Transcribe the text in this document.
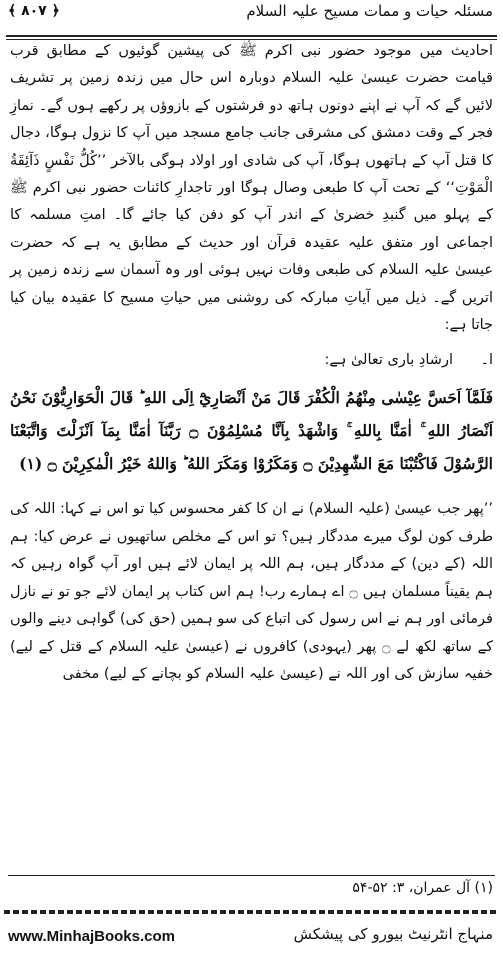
مسئلہ حیات و ممات مسیح علیہ السلام
﴿ ۸۰۷ ﴾

احادیث میں موجود حضور نبی اکرم ﷺ کی پیشین گوئیوں کے مطابق قرب قیامت حضرت عیسیٰ علیہ السلام دوبارہ اس حال میں زندہ زمین پر تشریف لائیں گے کہ آپ نے اپنے دونوں ہاتھ دو فرشتوں کے بازوؤں پر رکھے ہوں گے۔ نمازِ فجر کے وقت دمشق کی مشرقی جانب جامع مسجد میں آپ کا نزول ہوگا، دجال کا قتل آپ کے ہاتھوں ہوگا، آپ کی شادی اور اولاد ہوگی بالآخر ’’کُلُّ نَفْسٍ ذَآئِقَةُ الْمَوْتِ‘‘ کے تحت آپ کا طبعی وصال ہوگا اور تاجدارِ کائنات حضور نبی اکرم ﷺ کے پہلو میں گنبدِ خضریٰ کے اندر آپ کو دفن کیا جائے گا۔ امتِ مسلمہ کا اجماعی اور متفق علیہ عقیدہ قرآن اور حدیث کے مطابق یہ ہے کہ حضرت عیسیٰ علیہ السلام کی طبعی وفات نہیں ہوئی اور وہ آسمان سے زندہ زمین پر اتریں گے۔ ذیل میں آیاتِ مبارکہ کی روشنی میں حیاتِ مسیح کا عقیدہ بیان کیا جاتا ہے:

ا۔
ارشادِ باری تعالیٰ ہے:

فَلَمَّآ اَحَسَّ عِيْسٰى مِنْهُمُ الْكُفْرَ قَالَ مَنْ اَنْصَارِيْٓ اِلَى اللهِ ؕ قَالَ الْحَوَارِيُّوْنَ نَحْنُ اَنْصَارُ اللهِ ۚ اٰمَنَّا بِاللهِ ۚ وَاشْهَدْ بِاَنَّا مُسْلِمُوْنَ ۝ رَبَّنَآ اٰمَنَّا بِمَآ اَنْزَلْتَ وَاتَّبَعْنَا الرَّسُوْلَ فَاكْتُبْنَا مَعَ الشّٰهِدِيْنَ ۝ وَمَكَرُوْا وَمَكَرَ اللهُ ؕ وَاللهُ خَيْرُ الْمٰكِرِيْنَ ۝ (۱)

’’پھر جب عیسیٰ (علیہ السلام) نے ان کا کفر محسوس کیا تو اس نے کہا: اللہ کی طرف کون لوگ میرے مددگار ہیں؟ تو اس کے مخلص ساتھیوں نے عرض کیا: ہم اللہ (کے دین) کے مددگار ہیں، ہم اللہ پر ایمان لائے ہیں اور آپ گواہ رہیں کہ ہم یقیناً مسلمان ہیں ۝ اے ہمارے رب! ہم اس کتاب پر ایمان لائے جو تو نے نازل فرمائی اور ہم نے اس رسول کی اتباع کی سو ہمیں (حق کی) گواہی دینے والوں کے ساتھ لکھ لے ۝ پھر (یہودی) کافروں نے (عیسیٰ علیہ السلام کے قتل کے لیے) خفیہ سازش کی اور اللہ نے (عیسیٰ علیہ السلام کو بچانے کے لیے) مخفی

(۱) آل عمران، ۳: ۵۲-۵۴
www.MinhajBooks.com	منہاج انٹرنیٹ بیورو کی پیشکش
